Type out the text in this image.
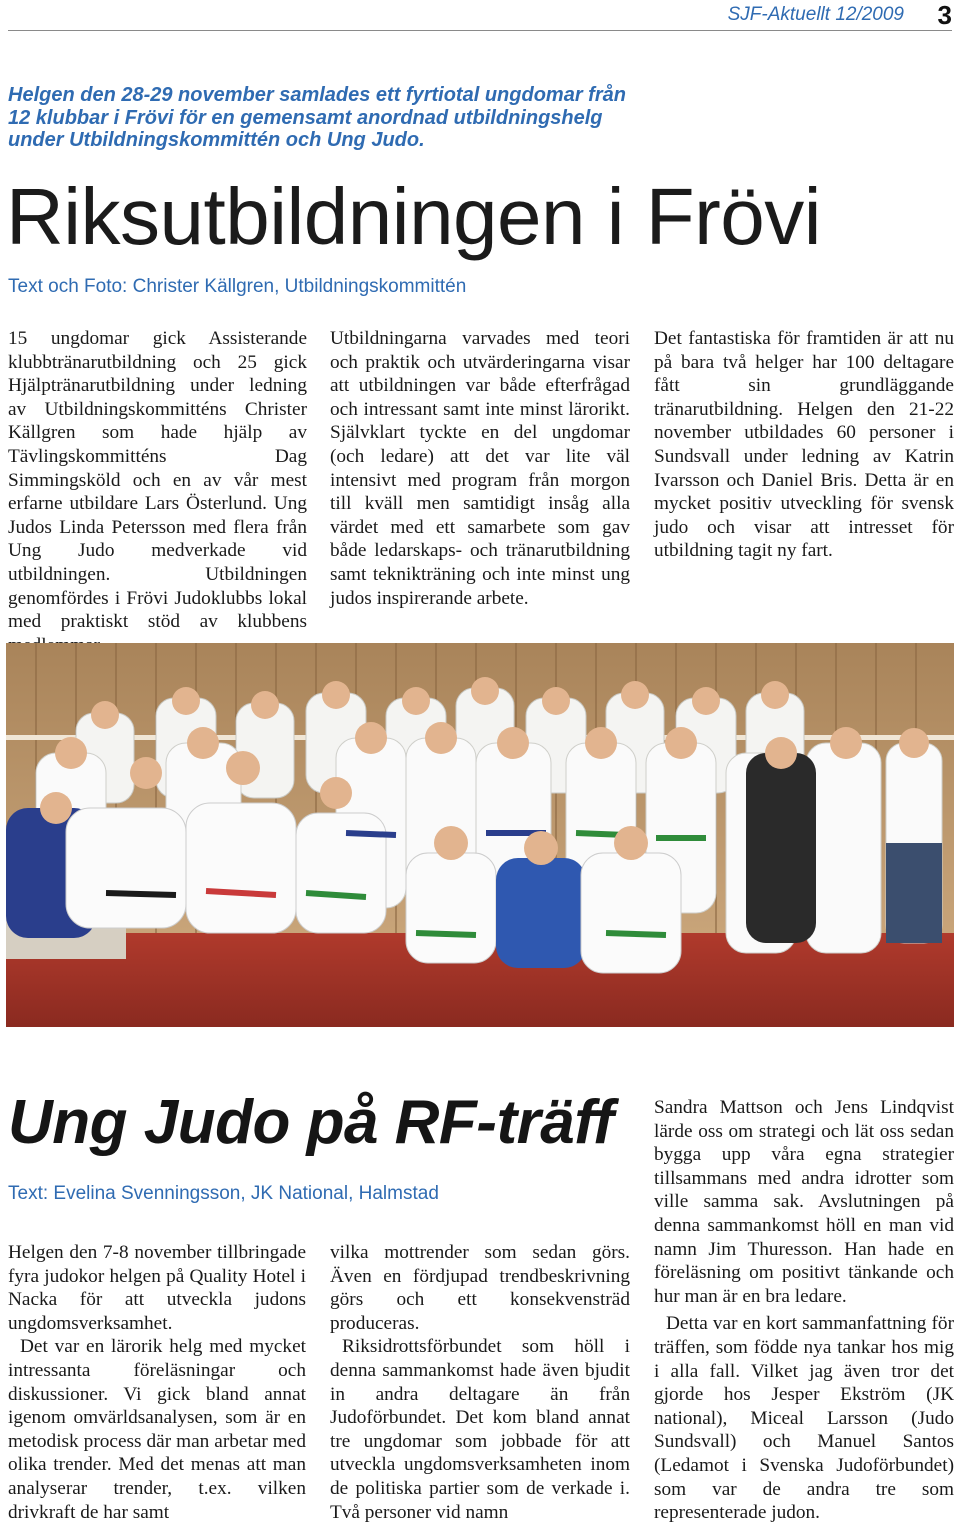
SJF-Aktuellt 12/2009 3
Helgen den 28-29 november samlades ett fyrtiotal ungdomar från 12 klubbar i Frövi för en gemensamt anordnad utbildningshelg under Utbildningskommittén och Ung Judo.
Riksutbildningen i Frövi
Text och Foto: Christer Källgren, Utbildningskommittén

15 ungdomar gick Assisterande klubbtränarutbildning och 25 gick Hjälptränarutbildning under ledning av Utbildningskommitténs Christer Källgren som hade hjälp av Tävlingskommitténs Dag Simmingsköld och en av vår mest erfarne utbildare Lars Österlund. Ung Judos Linda Petersson med flera från Ung Judo medverkade vid utbildningen. Utbildningen genomfördes i Frövi Judoklubbs lokal med praktiskt stöd av klubbens

Utbildningarna varvades med teori och praktik och utvärderingarna visar att utbildningen var både efterfrågad och intressant samt inte minst lärorikt. Självklart tyckte en del ungdomar (och ledare) att det var lite väl intensivt med program från morgon till kväll men samtidigt insåg alla värdet med ett samarbete som gav både ledarskaps- och tränarutbildning samt teknikträning och inte minst ung judos inspirerande arbete.

Det fantastiska för framtiden är att nu på bara två helger har 100 deltagare fått sin grundläggande tränarutbildning. Helgen den 21-22 november utbildades 60 personer i Sundsvall under ledning av Katrin Ivarsson och Daniel Bris. Detta är en mycket positiv utveckling för svensk judo och visar att intresset för utbildning tagit ny fart.

Ung Judo på RF-träff
Text: Evelina Svenningsson, JK National, Halmstad

Helgen den 7-8 november tillbringade fyra judokor helgen på Quality Hotel i Nacka för att utveckla judons ungdomsverksamhet.

Det var en lärorik helg med mycket intressanta föreläsningar och diskussioner. Vi gick bland annat igenom omvärldsanalysen, som är en metodisk process där man arbetar med olika trender. Med det menas att man analyserar trender, t.ex. vilken drivkraft de har samt

vilka mottrender som sedan görs. Även en fördjupad trendbeskrivning görs och ett konsekvensträd produceras.

Riksidrottsförbundet som höll i denna sammankomst hade även bjudit in andra deltagare än från Judoförbundet. Det kom bland annat tre ungdomar som jobbade för att utveckla ungdomsverksamheten inom de politiska partier som de verkade i. Två personer vid namn

Sandra Mattson och Jens Lindqvist lärde oss om strategi och lät oss sedan bygga upp våra egna strategier tillsammans med andra idrotter som ville samma sak. Avslutningen på denna sammankomst höll en man vid namn Jim Thuresson. Han hade en föreläsning om positivt tänkande och hur man är en bra ledare.

Detta var en kort sammanfattning för träffen, som födde nya tankar hos mig i alla fall. Vilket jag även tror det gjorde hos Jesper Ekström (JK national), Miceal Larsson (Judo Sundsvall) och Manuel Santos (Ledamot i Svenska Judoförbundet) som var de andra tre som representerade judon.
